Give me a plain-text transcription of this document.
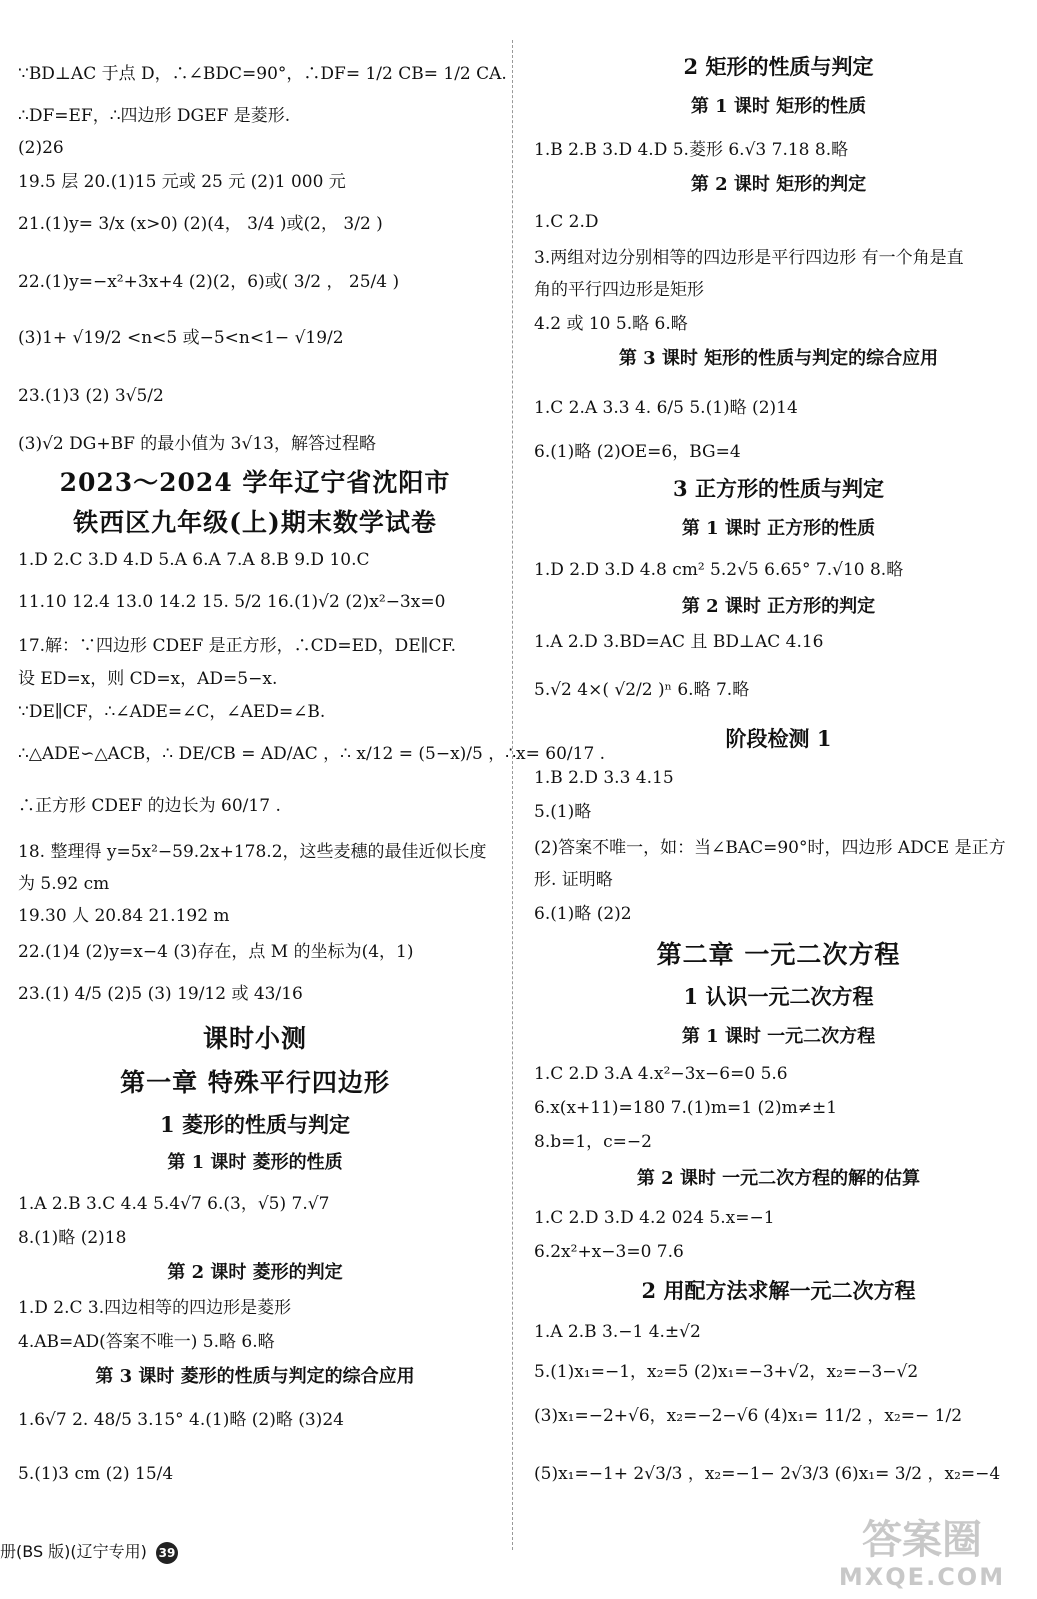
∵BD⊥AC 于点 D，∴∠BDC=90°，∴DF= 1/2 CB= 1/2 CA.
∴DF=EF，∴四边形 DGEF 是菱形.
(2)26
19.5 层 20.(1)15 元或 25 元 (2)1 000 元
21.(1)y= 3/x (x>0) (2)(4， 3/4 )或(2， 3/2 )
22.(1)y=−x²+3x+4 (2)(2，6)或( 3/2 ， 25/4 )
(3)1+ √19/2 <n<5 或−5<n<1− √19/2
23.(1)3 (2) 3√5/2
(3)√2 DG+BF 的最小值为 3√13，解答过程略
2023～2024 学年辽宁省沈阳市
铁西区九年级(上)期末数学试卷
1.D 2.C 3.D 4.D 5.A 6.A 7.A 8.B 9.D 10.C
11.10 12.4 13.0 14.2 15. 5/2 16.(1)√2 (2)x²−3x=0
17.解：∵四边形 CDEF 是正方形，∴CD=ED，DE∥CF.
设 ED=x，则 CD=x，AD=5−x.
∵DE∥CF，∴∠ADE=∠C，∠AED=∠B.
∴△ADE∽△ACB，∴ DE/CB = AD/AC ，∴ x/12 = (5−x)/5 ，∴x= 60/17 .
∴正方形 CDEF 的边长为 60/17 .
18. 整理得 y=5x²−59.2x+178.2，这些麦穗的最佳近似长度
为 5.92 cm
19.30 人 20.84 21.192 m
22.(1)4 (2)y=x−4 (3)存在，点 M 的坐标为(4，1)
23.(1) 4/5 (2)5 (3) 19/12 或 43/16
课时小测
第一章 特殊平行四边形
1 菱形的性质与判定
第 1 课时 菱形的性质
1.A 2.B 3.C 4.4 5.4√7 6.(3，√5) 7.√7
8.(1)略 (2)18
第 2 课时 菱形的判定
1.D 2.C 3.四边相等的四边形是菱形
4.AB=AD(答案不唯一) 5.略 6.略
第 3 课时 菱形的性质与判定的综合应用
1.6√7 2. 48/5 3.15° 4.(1)略 (2)略 (3)24
5.(1)3 cm (2) 15/4
2 矩形的性质与判定
第 1 课时 矩形的性质
1.B 2.B 3.D 4.D 5.菱形 6.√3 7.18 8.略
第 2 课时 矩形的判定
1.C 2.D
3.两组对边分别相等的四边形是平行四边形 有一个角是直
角的平行四边形是矩形
4.2 或 10 5.略 6.略
第 3 课时 矩形的性质与判定的综合应用
1.C 2.A 3.3 4. 6/5 5.(1)略 (2)14
6.(1)略 (2)OE=6，BG=4
3 正方形的性质与判定
第 1 课时 正方形的性质
1.D 2.D 3.D 4.8 cm² 5.2√5 6.65° 7.√10 8.略
第 2 课时 正方形的判定
1.A 2.D 3.BD=AC 且 BD⊥AC 4.16
5.√2 4×( √2/2 )ⁿ 6.略 7.略
阶段检测 1
1.B 2.D 3.3 4.15
5.(1)略
(2)答案不唯一，如：当∠BAC=90°时，四边形 ADCE 是正方
形. 证明略
6.(1)略 (2)2
第二章 一元二次方程
1 认识一元二次方程
第 1 课时 一元二次方程
1.C 2.D 3.A 4.x²−3x−6=0 5.6
6.x(x+11)=180 7.(1)m=1 (2)m≠±1
8.b=1，c=−2
第 2 课时 一元二次方程的解的估算
1.C 2.D 3.D 4.2 024 5.x=−1
6.2x²+x−3=0 7.6
2 用配方法求解一元二次方程
1.A 2.B 3.−1 4.±√2
5.(1)x₁=−1，x₂=5 (2)x₁=−3+√2，x₂=−3−√2
(3)x₁=−2+√6，x₂=−2−√6 (4)x₁= 11/2 ，x₂=− 1/2
(5)x₁=−1+ 2√3/3 ，x₂=−1− 2√3/3 (6)x₁= 3/2 ，x₂=−4
册(BS 版)(辽宁专用) 39	答案圈
MXQE.COM
